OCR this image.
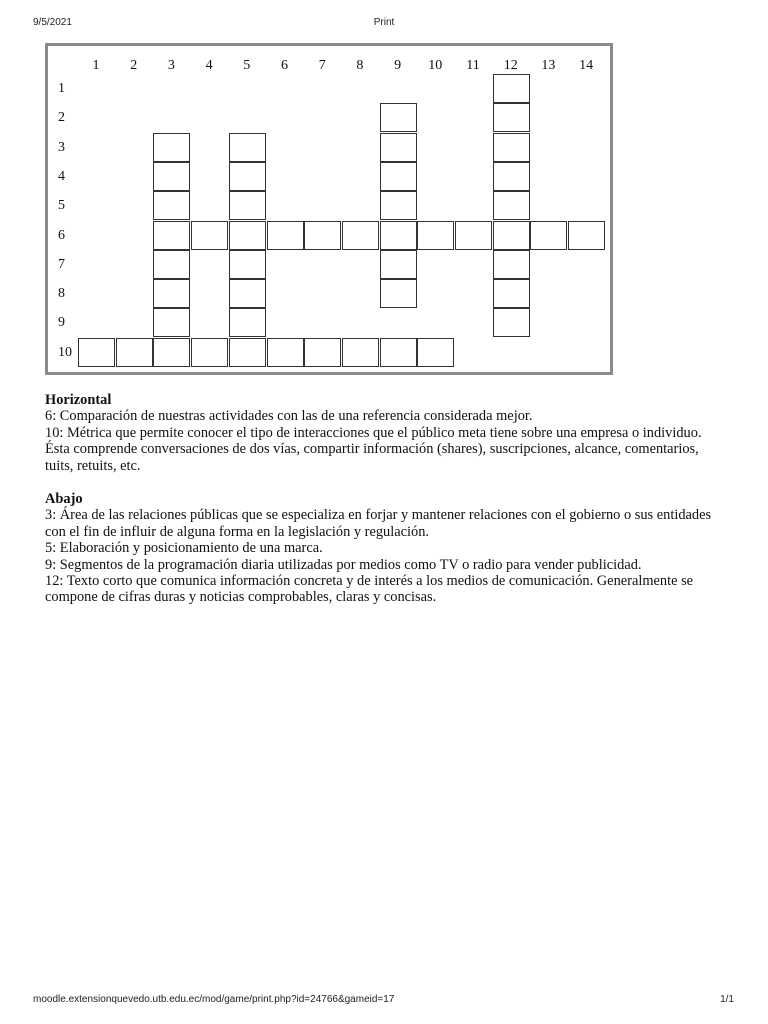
9/5/2021	Print
1	2	3	4	5	6	7	8	9	10	11	12	13	14
1
2
3
4
5
6
7
8
9
10
Horizontal

6: Comparación de nuestras actividades con las de una referencia considerada mejor.

10: Métrica que permite conocer el tipo de interacciones que el público meta tiene sobre una empresa o individuo. Ésta comprende conversaciones de dos vías, compartir información (shares), suscripciones, alcance, comentarios, tuits, retuits, etc.

Abajo

3: Área de las relaciones públicas que se especializa en forjar y mantener relaciones con el gobierno o sus entidades con el fin de influir de alguna forma en la legislación y regulación.

5: Elaboración y posicionamiento de una marca.

9: Segmentos de la programación diaria utilizadas por medios como TV o radio para vender publicidad.

12: Texto corto que comunica información concreta y de interés a los medios de comunicación. Generalmente se compone de cifras duras y noticias comprobables, claras y concisas.

moodle.extensionquevedo.utb.edu.ec/mod/game/print.php?id=24766&gameid=17	1/1
